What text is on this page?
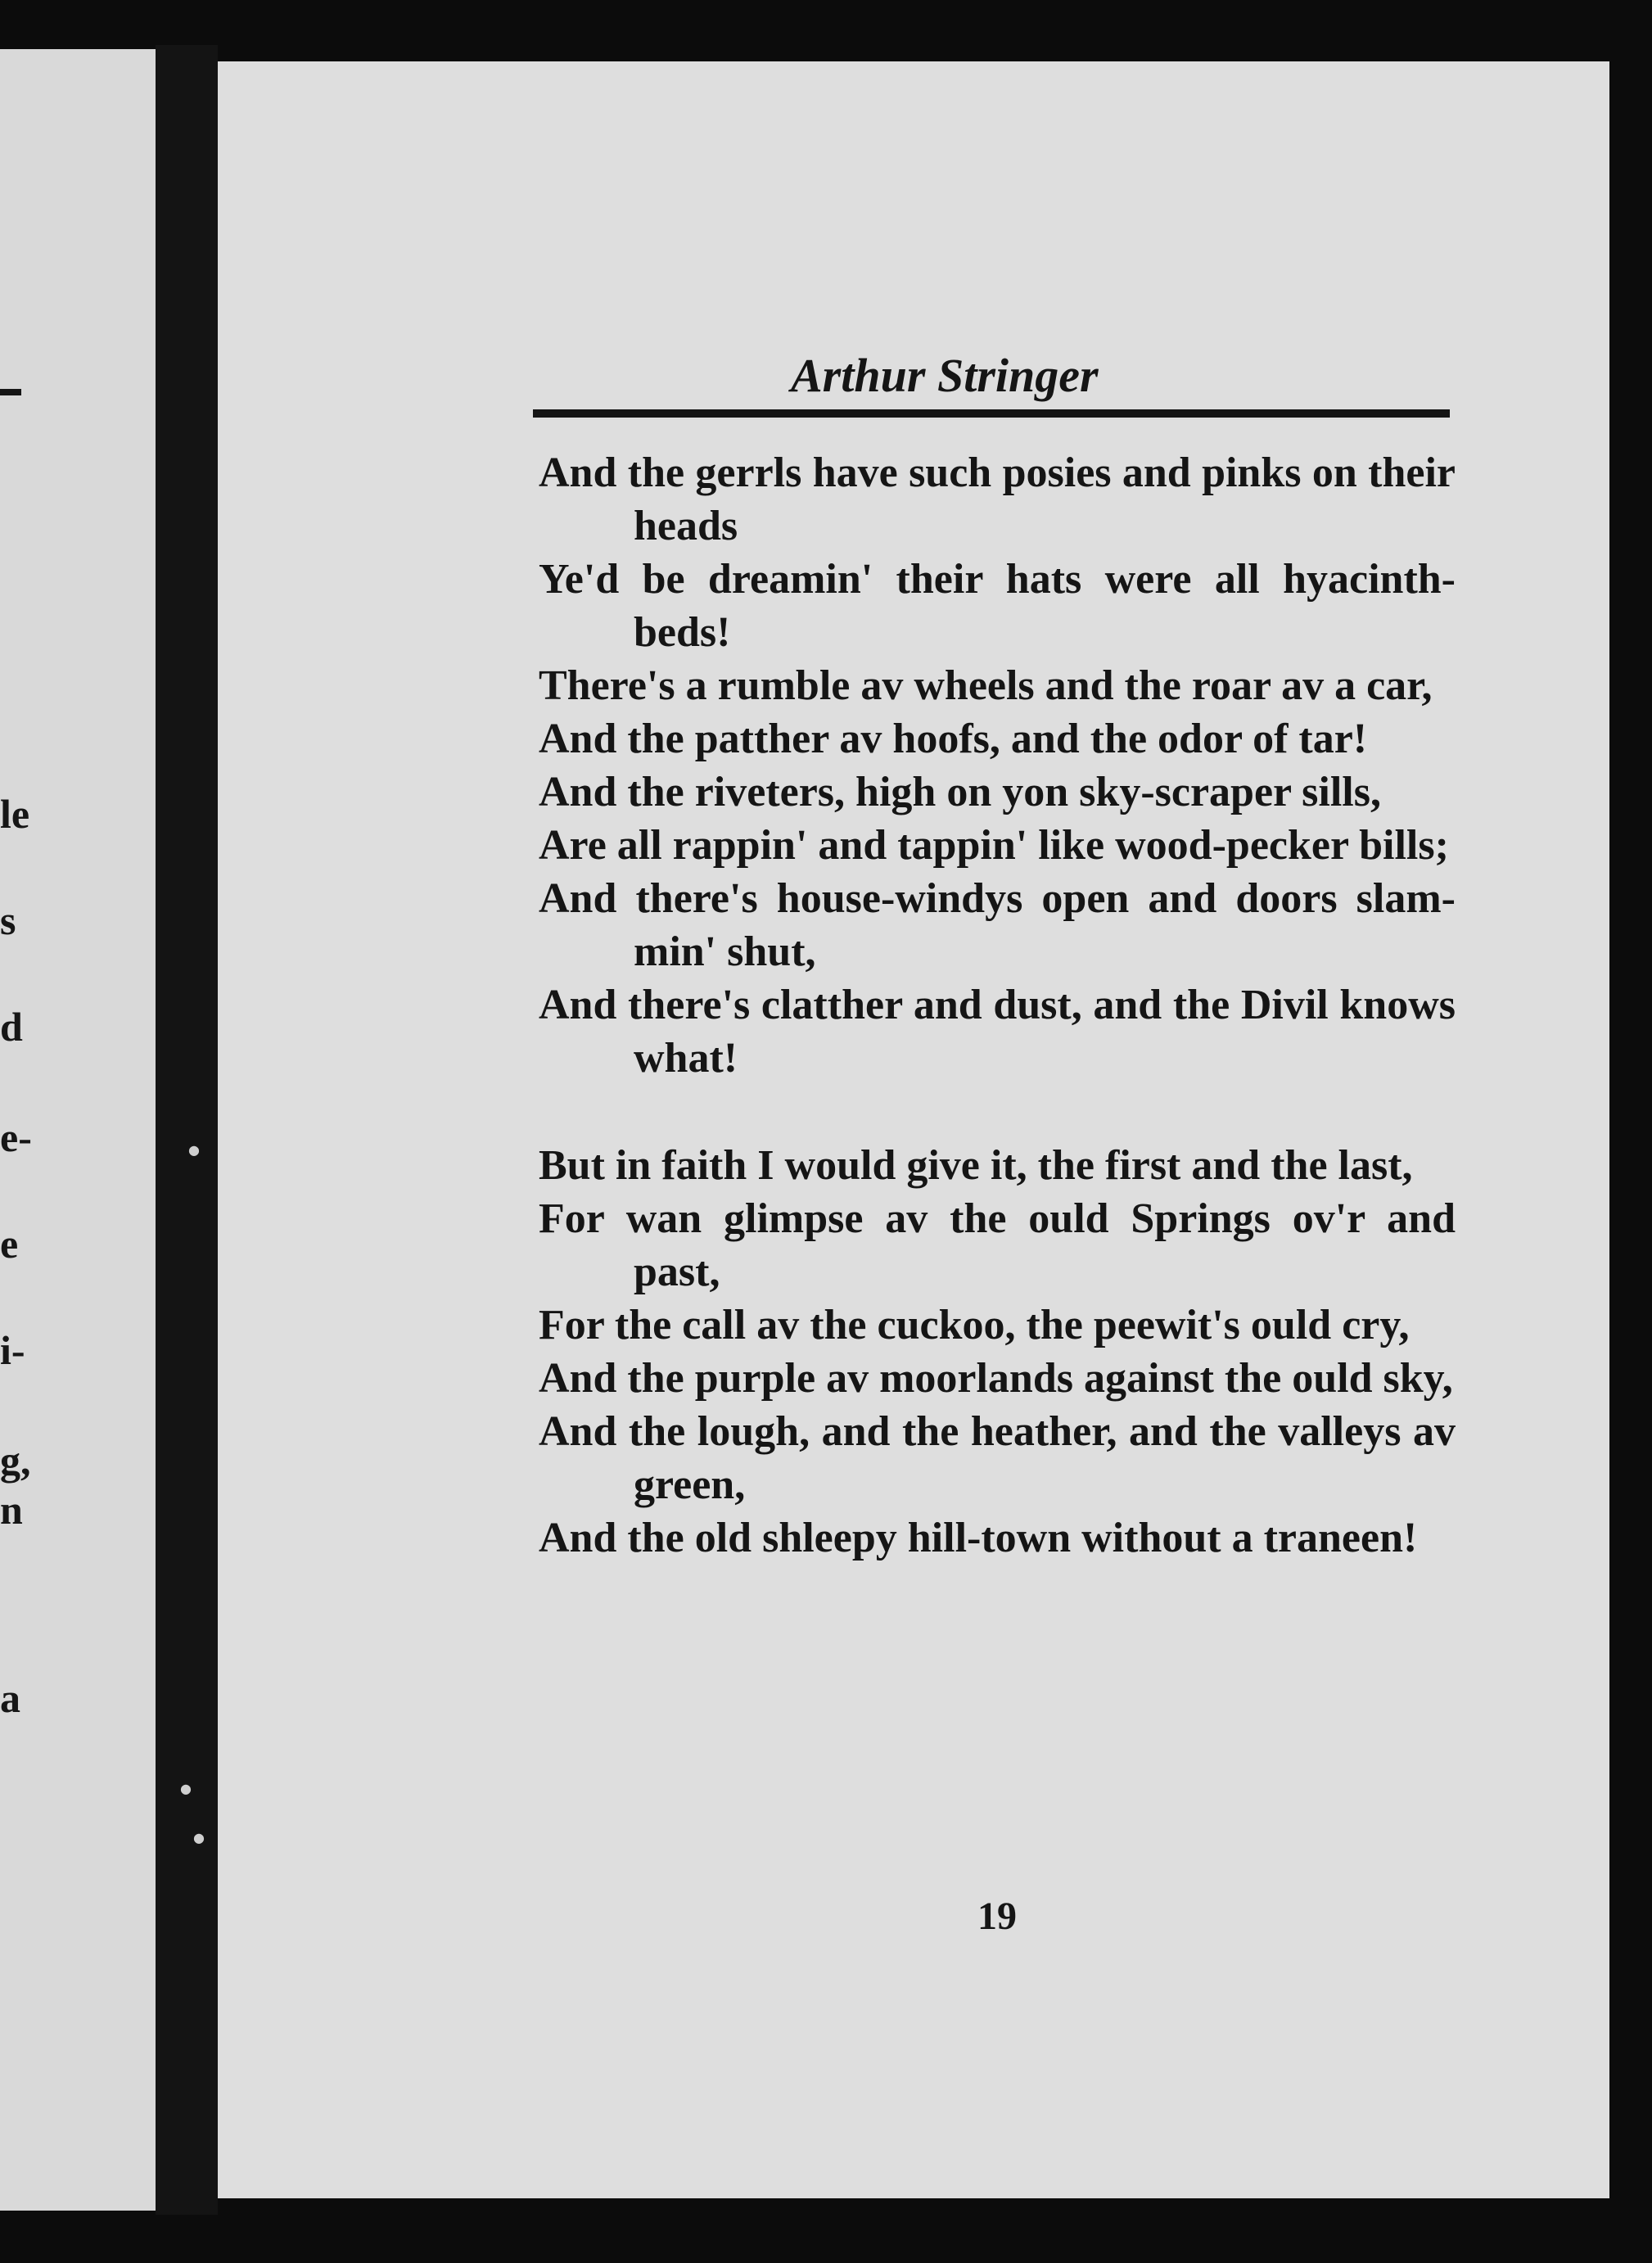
le
s
d
e-
e
i-
g,
n
a
●
●
●
Arthur Stringer

And the gerrls have such posies and pinks on their heads

Ye'd be dreamin' their hats were all hyacinth-beds!

There's a rumble av wheels and the roar av a car,

And the patther av hoofs, and the odor of tar!

And the riveters, high on yon sky-scraper sills,

Are all rappin' and tappin' like wood-pecker bills;

And there's house-windys open and doors slam-min' shut,

And there's clatther and dust, and the Divil knows what!

But in faith I would give it, the first and the last,

For wan glimpse av the ould Springs ov'r and past,

For the call av the cuckoo, the peewit's ould cry,

And the purple av moorlands against the ould sky,

And the lough, and the heather, and the valleys av green,

And the old shleepy hill-town without a traneen!

19
